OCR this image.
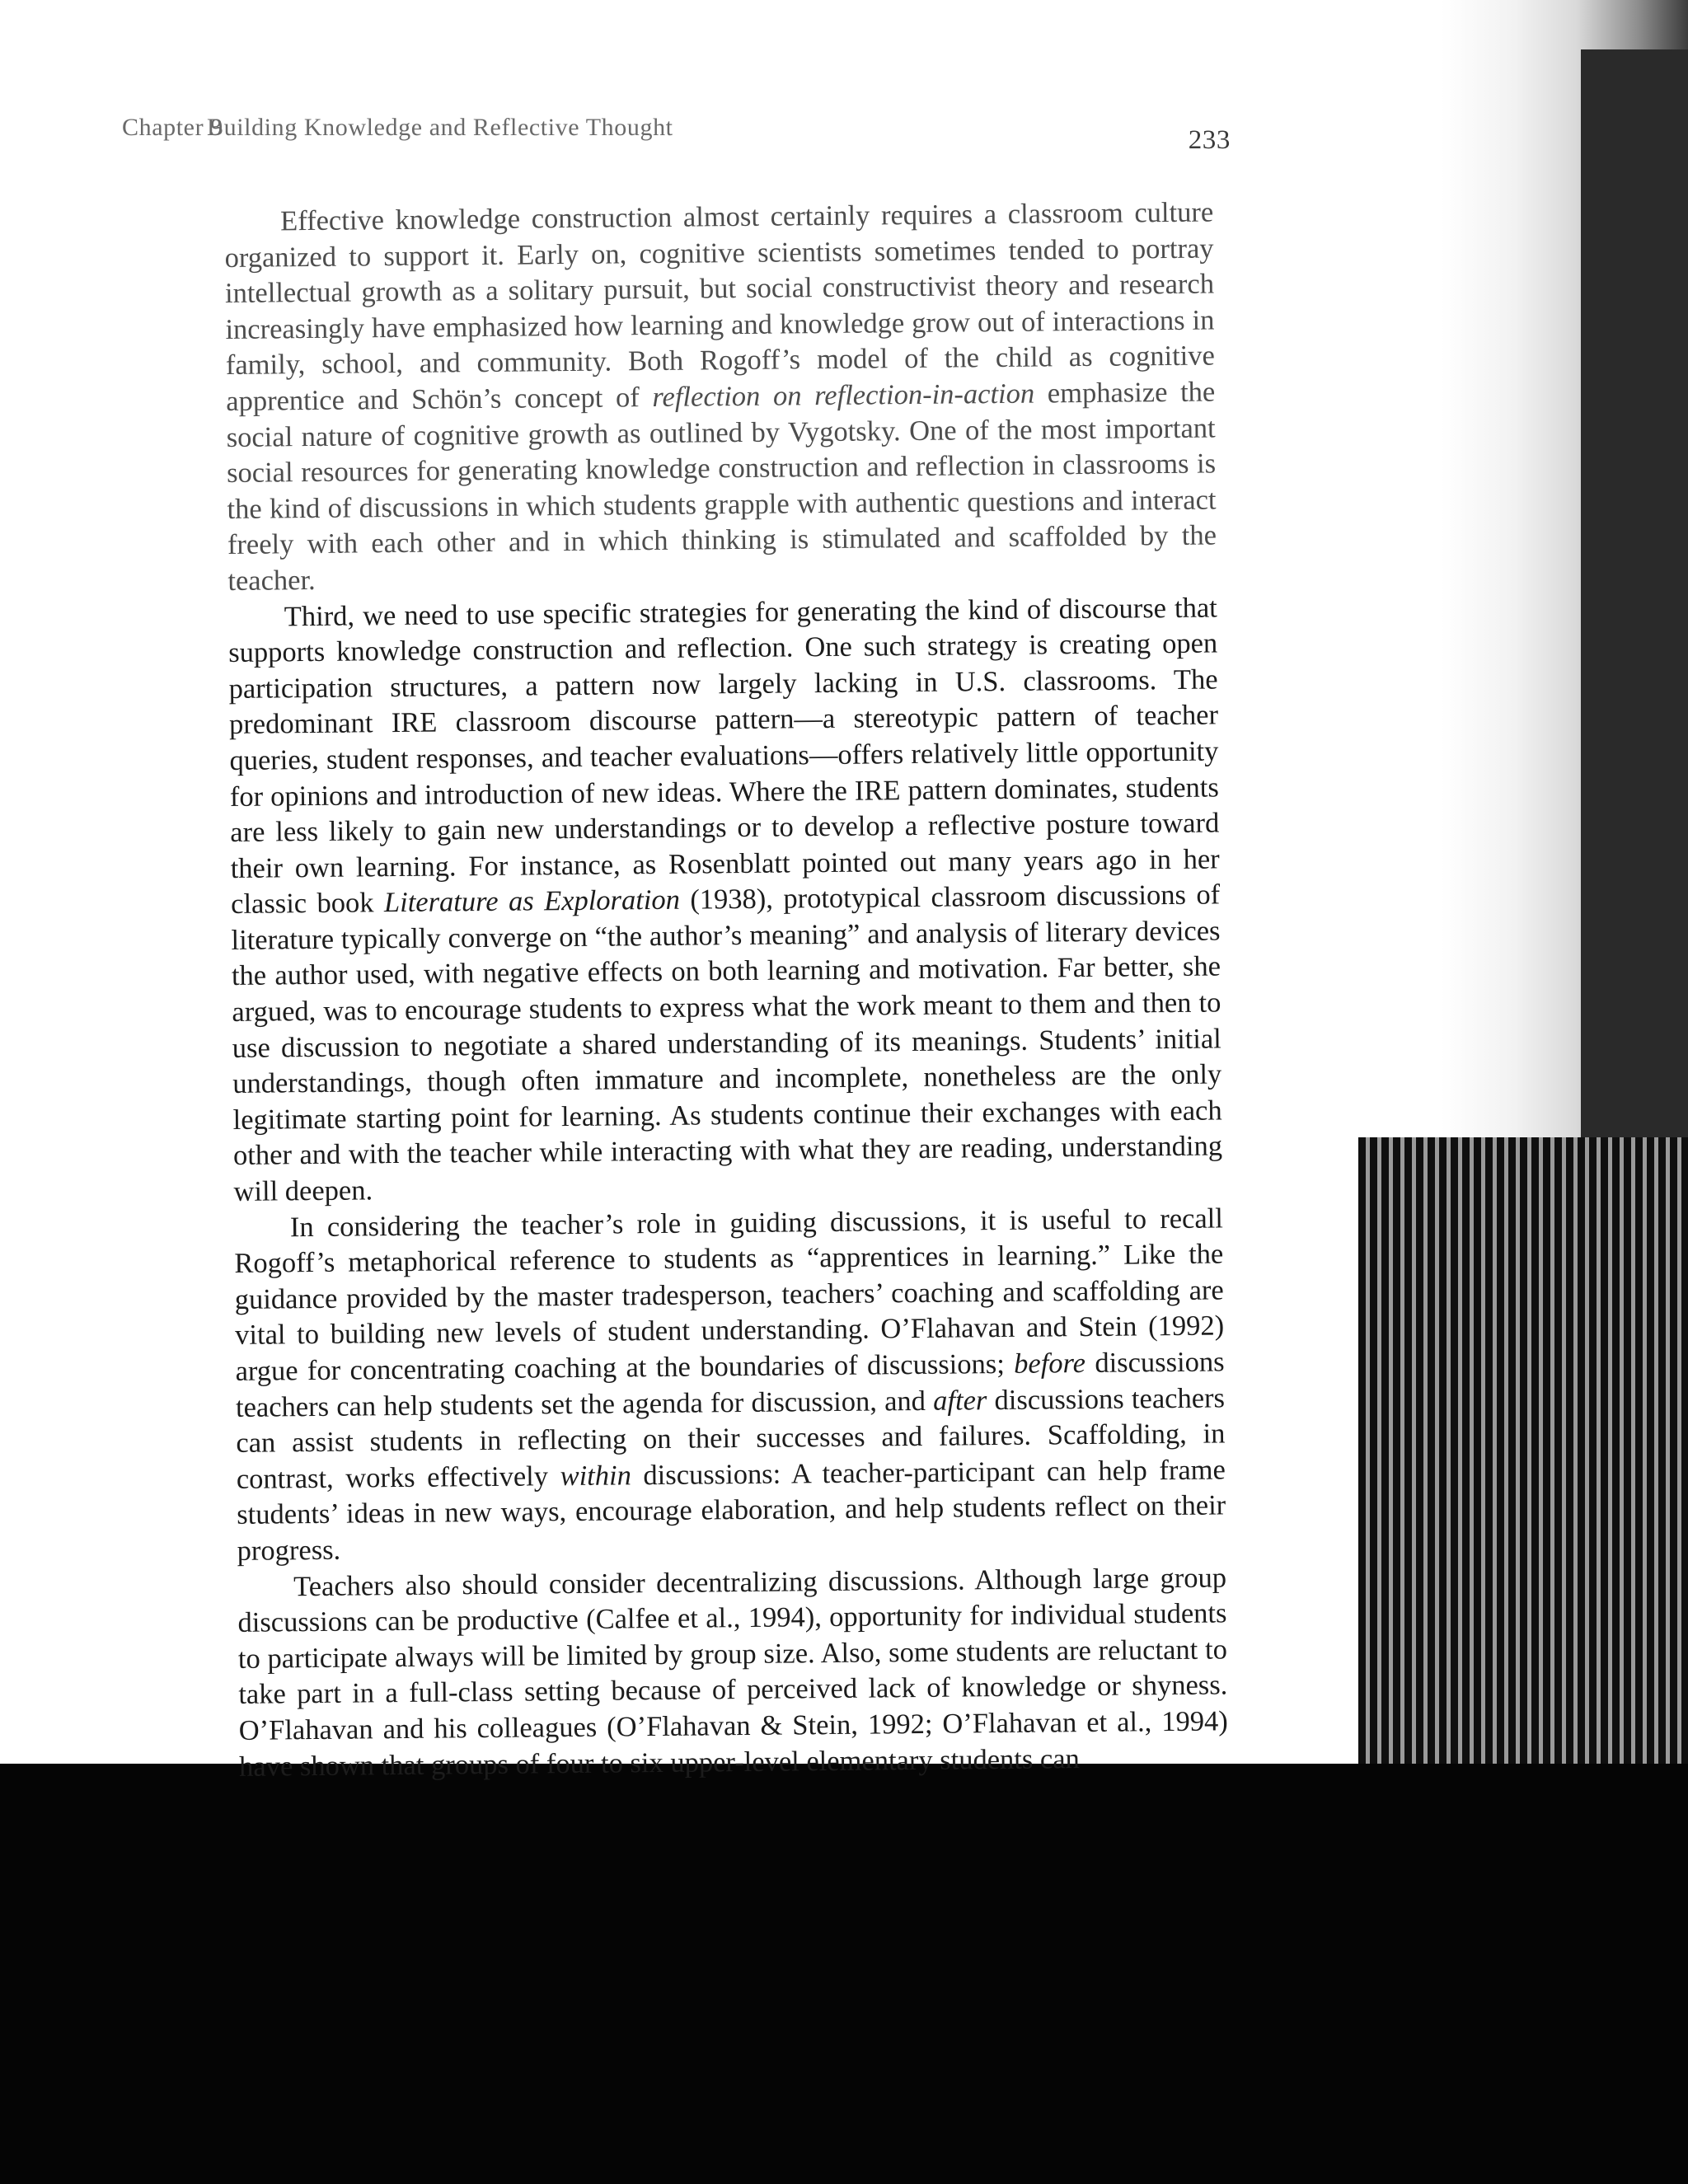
Chapter 9
Building Knowledge and Reflective Thought	233

Effective knowledge construction almost certainly requires a classroom culture organized to support it. Early on, cognitive scientists sometimes tended to portray intellectual growth as a solitary pursuit, but social constructivist theory and research increasingly have emphasized how learning and knowledge grow out of interactions in family, school, and community. Both Rogoff’s model of the child as cognitive apprentice and Schön’s concept of reflection on reflection-in-action emphasize the social nature of cognitive growth as outlined by Vygotsky. One of the most important social resources for generating knowledge construction and reflection in classrooms is the kind of discussions in which students grapple with authentic questions and interact freely with each other and in which thinking is stimulated and scaffolded by the teacher.

Third, we need to use specific strategies for generating the kind of discourse that supports knowledge construction and reflection. One such strategy is creating open participation structures, a pattern now largely lacking in U.S. classrooms. The predominant IRE classroom discourse pattern—a stereotypic pattern of teacher queries, student responses, and teacher evaluations—offers relatively little opportunity for opinions and introduction of new ideas. Where the IRE pattern dominates, students are less likely to gain new understandings or to develop a reflective posture toward their own learning. For instance, as Rosenblatt pointed out many years ago in her classic book Literature as Exploration (1938), prototypical classroom discussions of literature typically converge on “the author’s meaning” and analysis of literary devices the author used, with negative effects on both learning and motivation. Far better, she argued, was to encourage students to express what the work meant to them and then to use discussion to negotiate a shared understanding of its meanings. Students’ initial understandings, though often immature and incomplete, nonetheless are the only legitimate starting point for learning. As students continue their exchanges with each other and with the teacher while interacting with what they are reading, understanding will deepen.

In considering the teacher’s role in guiding discussions, it is useful to recall Rogoff’s metaphorical reference to students as “apprentices in learning.” Like the guidance provided by the master tradesperson, teachers’ coaching and scaffolding are vital to building new levels of student understanding. O’Flahavan and Stein (1992) argue for concentrating coaching at the boundaries of discussions; before discussions teachers can help students set the agenda for discussion, and after discussions teachers can assist students in reflecting on their successes and failures. Scaffolding, in contrast, works effectively within discussions: A teacher-participant can help frame students’ ideas in new ways, encourage elaboration, and help students reflect on their progress.

Teachers also should consider decentralizing discussions. Although large group discussions can be productive (Calfee et al., 1994), opportunity for individual students to participate always will be limited by group size. Also, some students are reluctant to take part in a full-class setting because of perceived lack of knowledge or shyness. O’Flahavan and his colleagues (O’Flahavan & Stein, 1992; O’Flahavan et al., 1994) have shown that groups of four to six upper-level elementary students can
